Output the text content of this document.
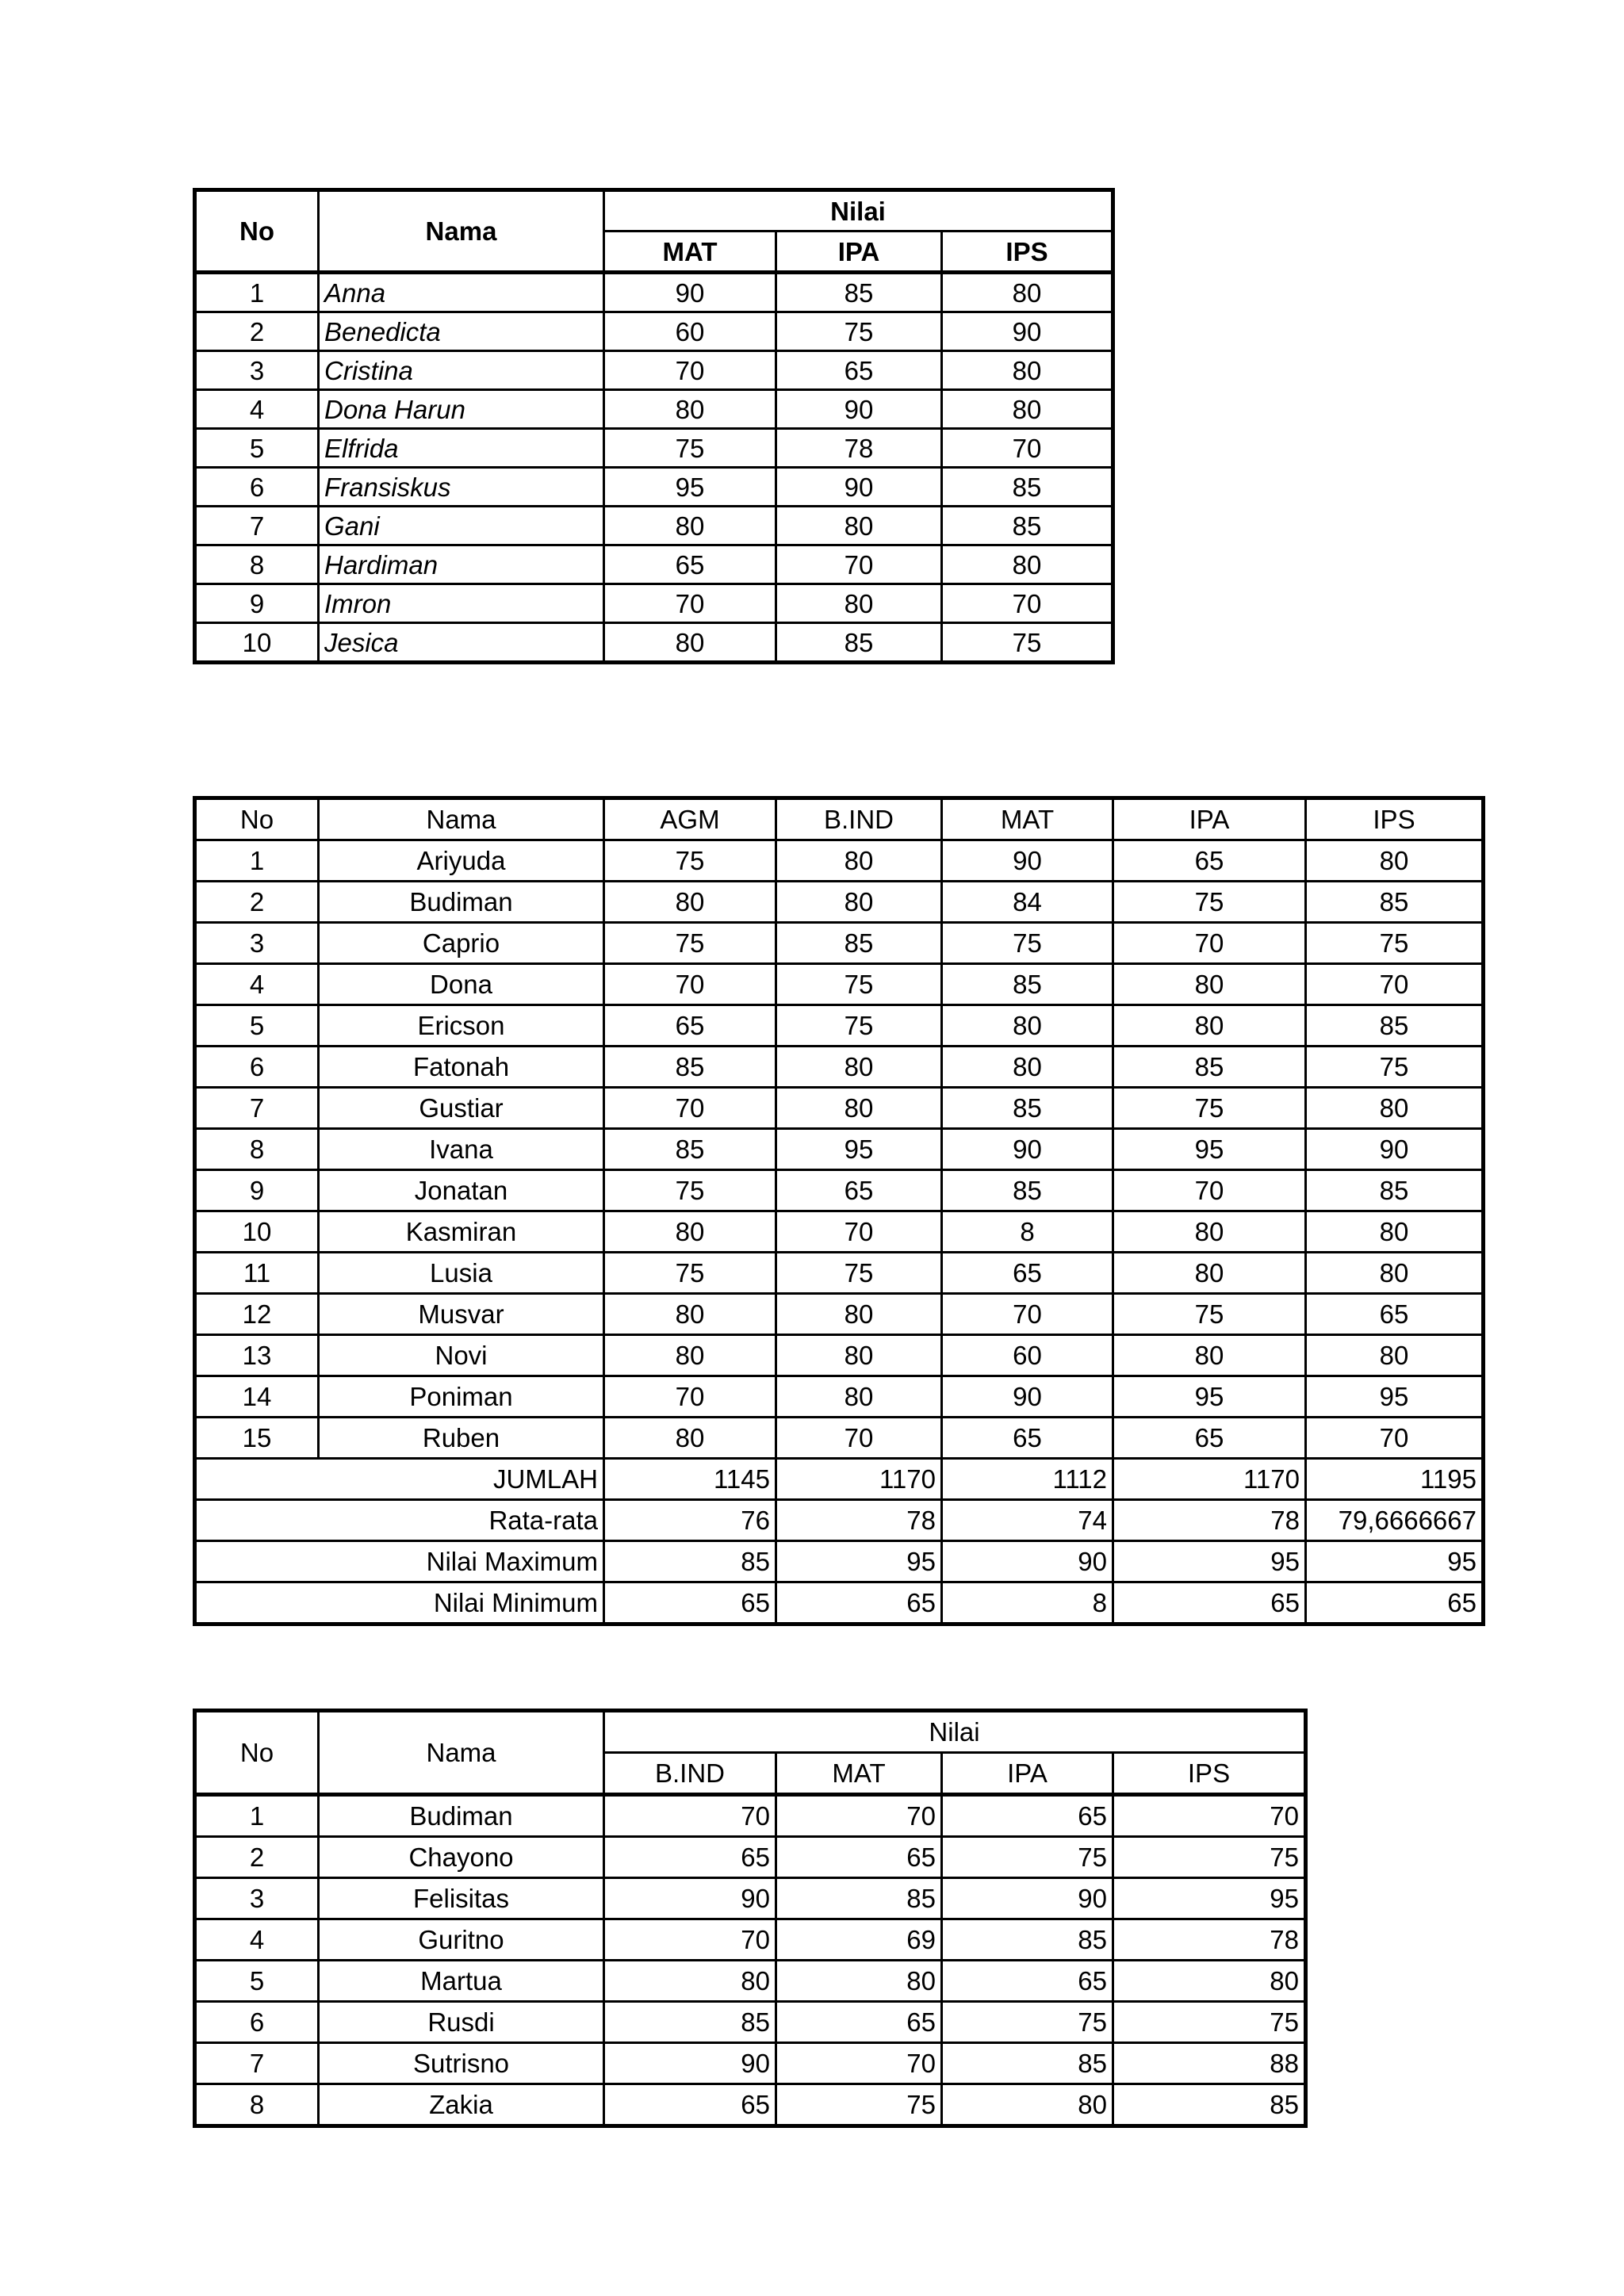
No	Nama	Nilai		
		MAT	IPA	IPS
1	Anna	90	85	80
2	Benedicta	60	75	90
3	Cristina	70	65	80
4	Dona Harun	80	90	80
5	Elfrida	75	78	70
6	Fransiskus	95	90	85
7	Gani	80	80	85
8	Hardiman	65	70	80
9	Imron	70	80	70
10	Jesica	80	85	75
No	Nama	AGM	B.IND	MAT	IPA	IPS
1	Ariyuda	75	80	90	65	80
2	Budiman	80	80	84	75	85
3	Caprio	75	85	75	70	75
4	Dona	70	75	85	80	70
5	Ericson	65	75	80	80	85
6	Fatonah	85	80	80	85	75
7	Gustiar	70	80	85	75	80
8	Ivana	85	95	90	95	90
9	Jonatan	75	65	85	70	85
10	Kasmiran	80	70	8	80	80
11	Lusia	75	75	65	80	80
12	Musvar	80	80	70	75	65
13	Novi	80	80	60	80	80
14	Poniman	70	80	90	95	95
15	Ruben	80	70	65	65	70
JUMLAH		1145	1170	1112	1170	1195
Rata-rata		76	78	74	78	79,6666667
Nilai Maximum		85	95	90	95	95
Nilai Minimum		65	65	8	65	65
No	Nama	Nilai			
		B.IND	MAT	IPA	IPS
1	Budiman	70	70	65	70
2	Chayono	65	65	75	75
3	Felisitas	90	85	90	95
4	Guritno	70	69	85	78
5	Martua	80	80	65	80
6	Rusdi	85	65	75	75
7	Sutrisno	90	70	85	88
8	Zakia	65	75	80	85
